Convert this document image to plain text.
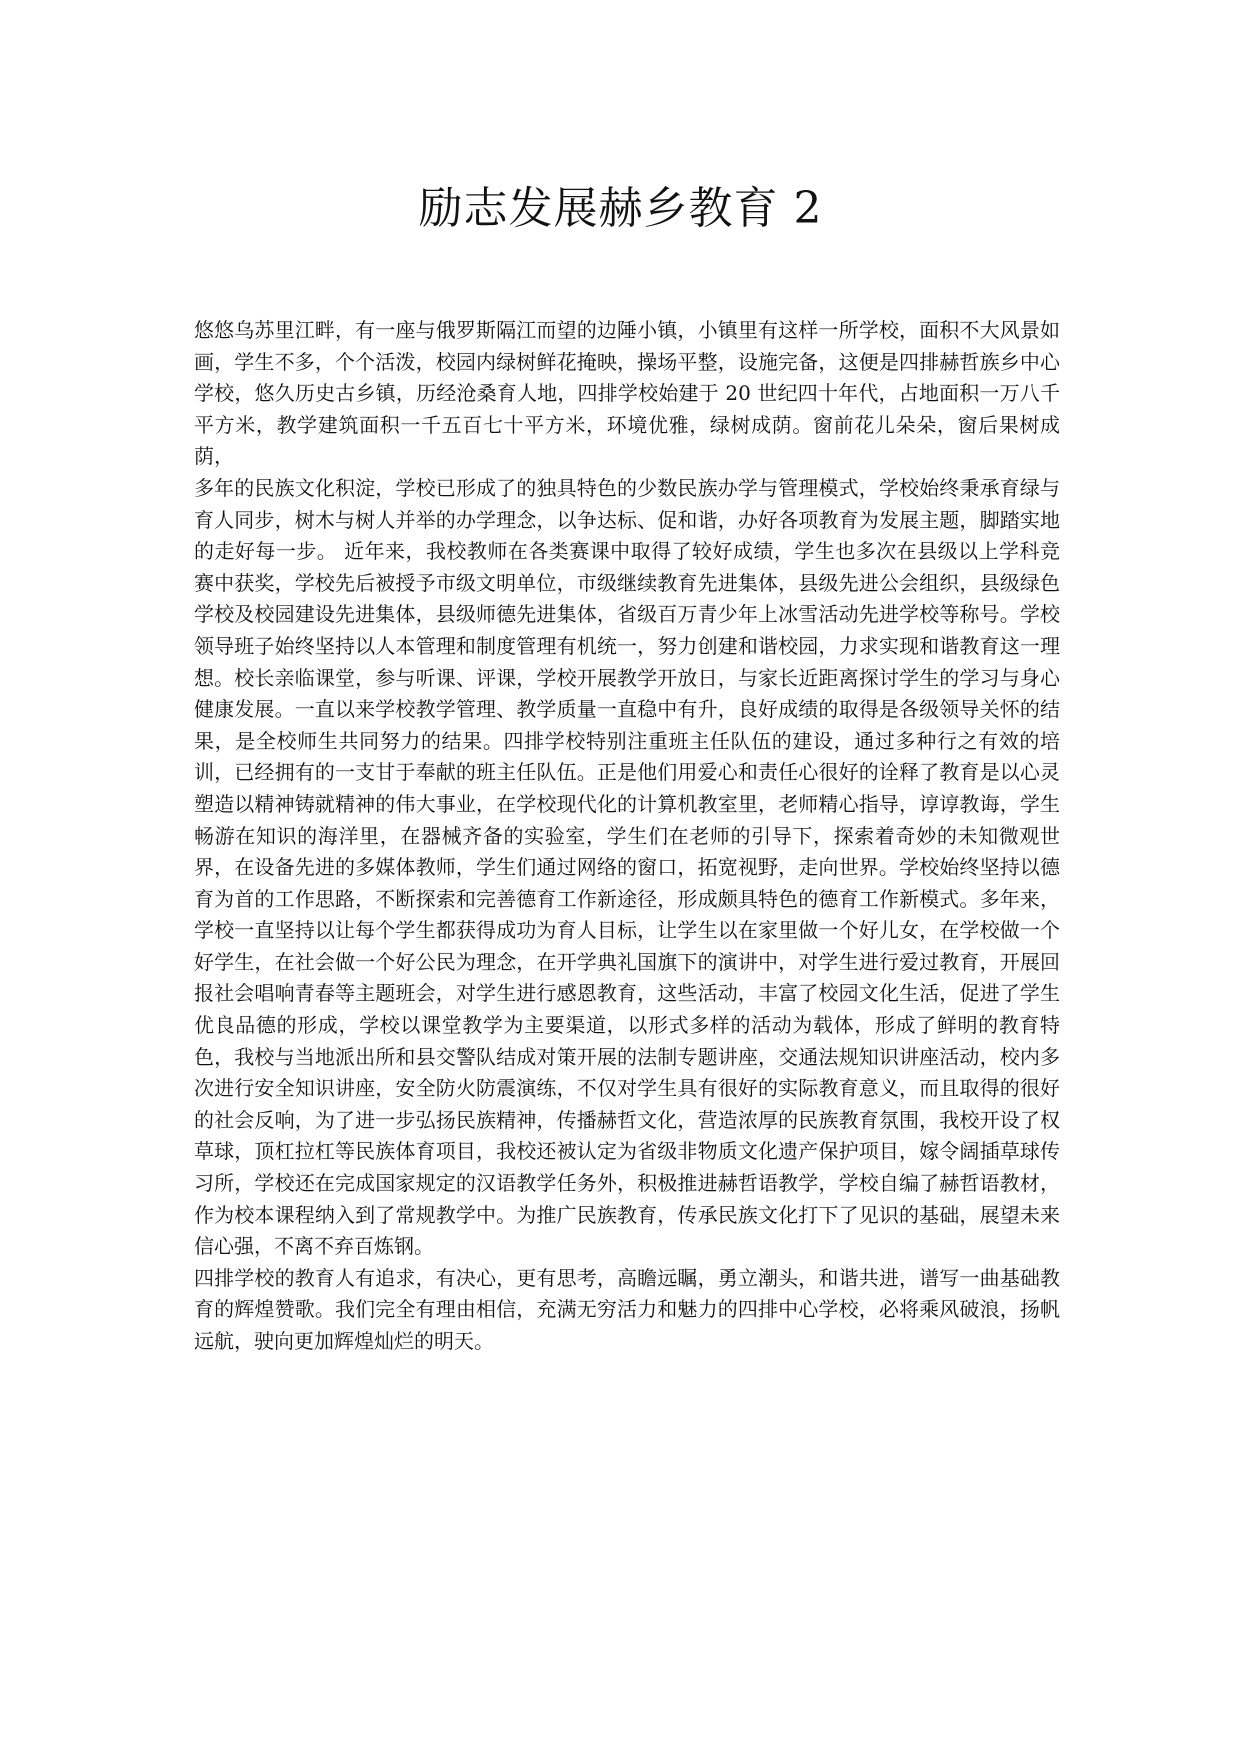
励志发展赫乡教育 2

悠悠乌苏里江畔，有一座与俄罗斯隔江而望的边陲小镇，小镇里有这样一所学校，面积不大风景如画，学生不多，个个活泼，校园内绿树鲜花掩映，操场平整，设施完备，这便是四排赫哲族乡中心学校，悠久历史古乡镇，历经沧桑育人地，四排学校始建于 20 世纪四十年代，占地面积一万八千平方米，教学建筑面积一千五百七十平方米，环境优雅，绿树成荫。窗前花儿朵朵，窗后果树成荫，

多年的民族文化积淀，学校已形成了的独具特色的少数民族办学与管理模式，学校始终秉承育绿与育人同步，树木与树人并举的办学理念，以争达标、促和谐，办好各项教育为发展主题，脚踏实地的走好每一步。 近年来，我校教师在各类赛课中取得了较好成绩，学生也多次在县级以上学科竞赛中获奖，学校先后被授予市级文明单位，市级继续教育先进集体，县级先进公会组织，县级绿色学校及校园建设先进集体，县级师德先进集体，省级百万青少年上冰雪活动先进学校等称号。学校领导班子始终坚持以人本管理和制度管理有机统一，努力创建和谐校园，力求实现和谐教育这一理想。校长亲临课堂，参与听课、评课，学校开展教学开放日，与家长近距离探讨学生的学习与身心健康发展。一直以来学校教学管理、教学质量一直稳中有升，良好成绩的取得是各级领导关怀的结果，是全校师生共同努力的结果。四排学校特别注重班主任队伍的建设，通过多种行之有效的培训，已经拥有的一支甘于奉献的班主任队伍。正是他们用爱心和责任心很好的诠释了教育是以心灵塑造以精神铸就精神的伟大事业，在学校现代化的计算机教室里，老师精心指导，谆谆教诲，学生畅游在知识的海洋里，在器械齐备的实验室，学生们在老师的引导下，探索着奇妙的未知微观世界，在设备先进的多媒体教师，学生们通过网络的窗口，拓宽视野，走向世界。学校始终坚持以德育为首的工作思路，不断探索和完善德育工作新途径，形成颇具特色的德育工作新模式。多年来，学校一直坚持以让每个学生都获得成功为育人目标，让学生以在家里做一个好儿女，在学校做一个好学生，在社会做一个好公民为理念，在开学典礼国旗下的演讲中，对学生进行爱过教育，开展回报社会唱响青春等主题班会，对学生进行感恩教育，这些活动，丰富了校园文化生活，促进了学生优良品德的形成，学校以课堂教学为主要渠道，以形式多样的活动为载体，形成了鲜明的教育特色，我校与当地派出所和县交警队结成对策开展的法制专题讲座，交通法规知识讲座活动，校内多次进行安全知识讲座，安全防火防震演练，不仅对学生具有很好的实际教育意义，而且取得的很好的社会反响，为了进一步弘扬民族精神，传播赫哲文化，营造浓厚的民族教育氛围，我校开设了权草球，顶杠拉杠等民族体育项目，我校还被认定为省级非物质文化遗产保护项目，嫁令阔插草球传习所，学校还在完成国家规定的汉语教学任务外，积极推进赫哲语教学，学校自编了赫哲语教材，作为校本课程纳入到了常规教学中。为推广民族教育，传承民族文化打下了见识的基础，展望未来信心强，不离不弃百炼钢。

四排学校的教育人有追求，有决心，更有思考，高瞻远瞩，勇立潮头，和谐共进，谱写一曲基础教育的辉煌赞歌。我们完全有理由相信，充满无穷活力和魅力的四排中心学校，必将乘风破浪，扬帆远航，驶向更加辉煌灿烂的明天。
